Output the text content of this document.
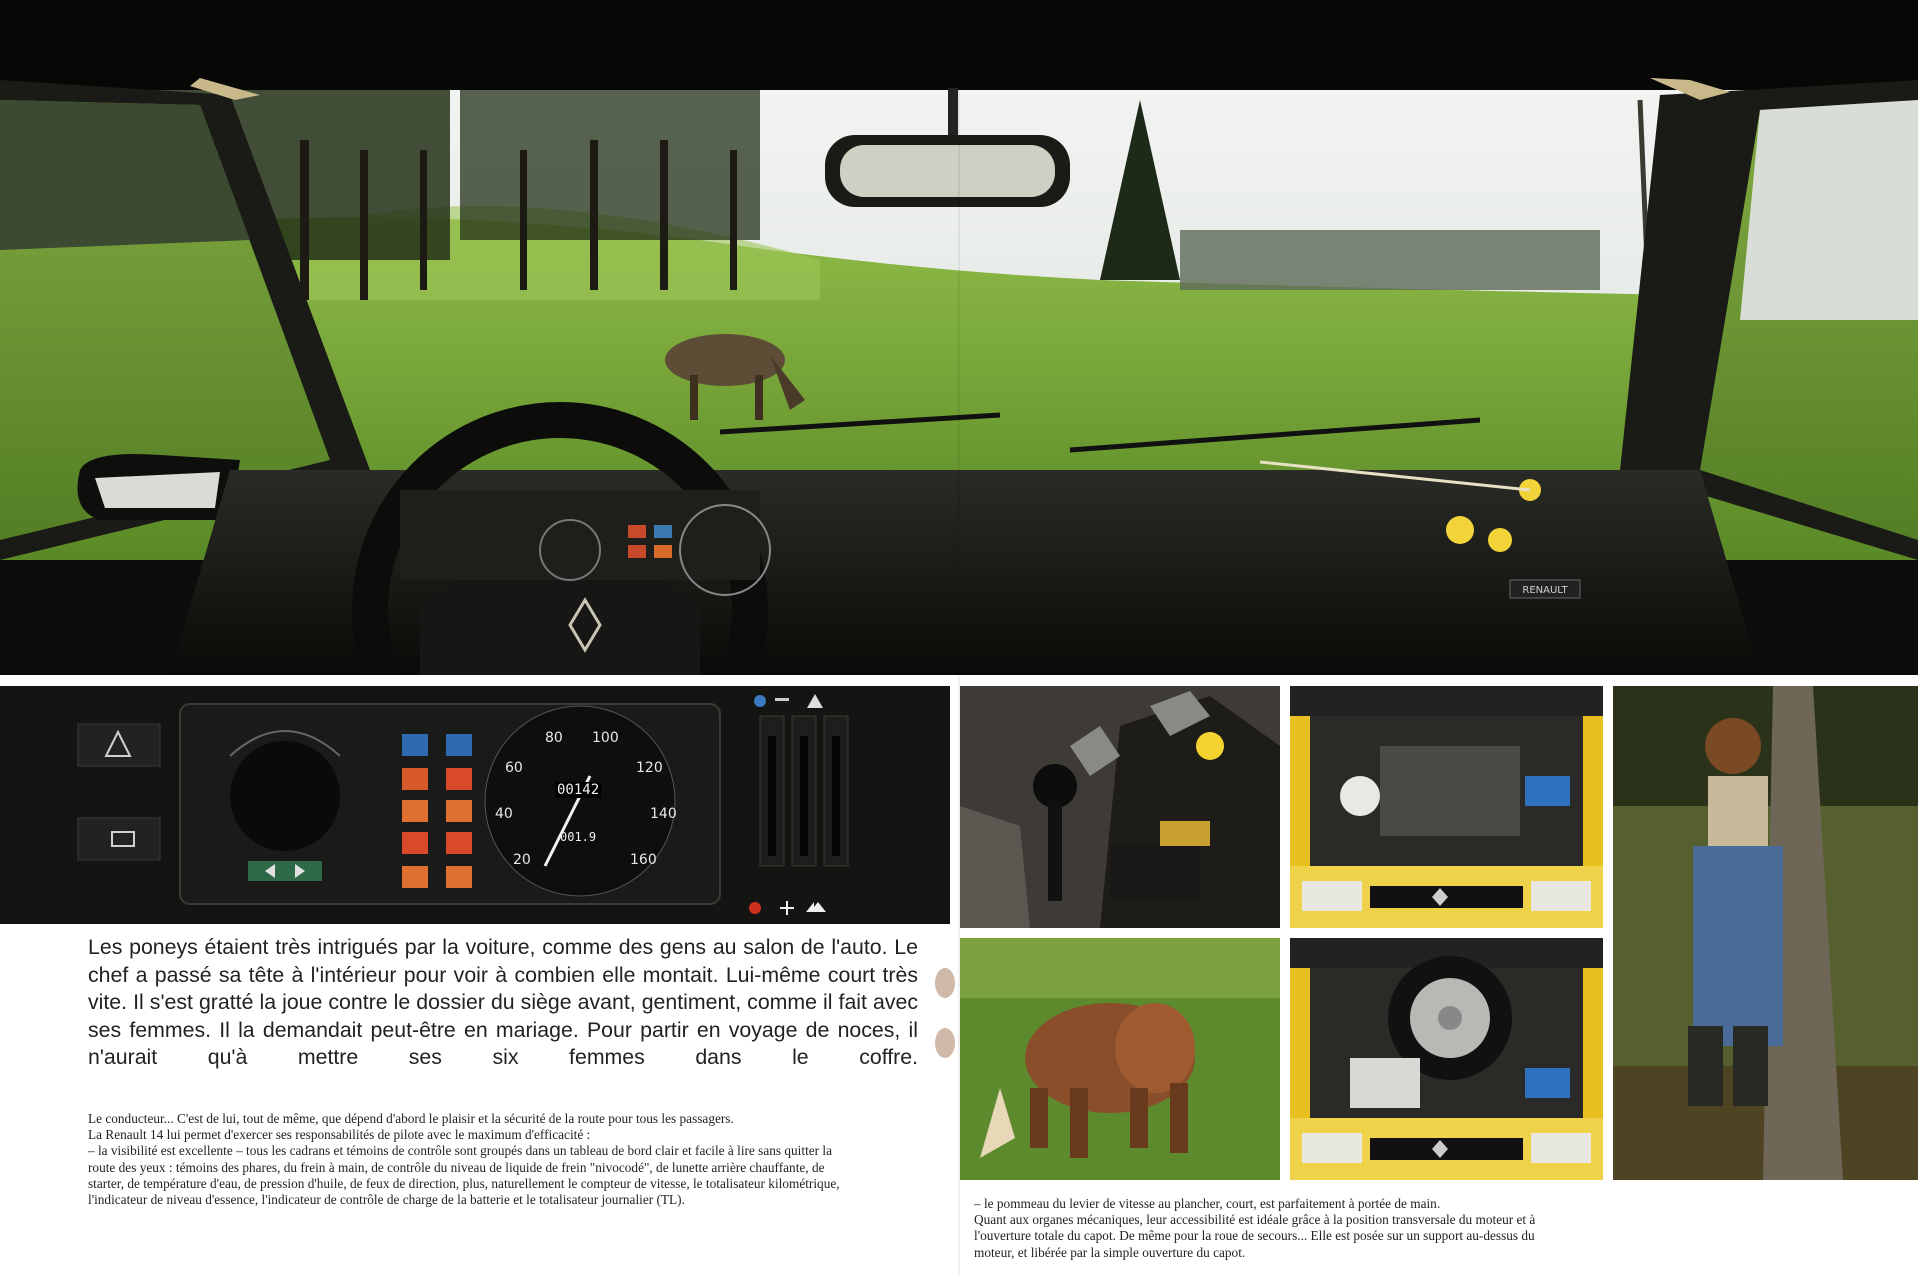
RENAULT
20
40
60
80 100
120
140
160
00142
001.9

Les poneys étaient très intrigués par la voiture, comme des gens au salon de l'auto. Le chef a passé sa tête à l'intérieur pour voir à combien elle montait. Lui-même court très vite. Il s'est gratté la joue contre le dossier du siège avant, gentiment, comme il fait avec ses femmes. Il la demandait peut-être en mariage. Pour partir en voyage de noces, il n'aurait qu'à mettre ses six femmes dans le coffre.

Le conducteur... C'est de lui, tout de même, que dépend d'abord le plaisir et la sécurité de la route pour tous les passagers.

La Renault 14 lui permet d'exercer ses responsabilités de pilote avec le maximum d'efficacité :

– la visibilité est excellente – tous les cadrans et témoins de contrôle sont groupés dans un tableau de bord clair et facile à lire sans quitter la route des yeux : témoins des phares, du frein à main, de contrôle du niveau de liquide de frein "nivocodé", de lunette arrière chauffante, de starter, de température d'eau, de pression d'huile, de feux de direction, plus, naturellement le compteur de vitesse, le totalisateur kilométrique, l'indicateur de niveau d'essence, l'indicateur de contrôle de charge de la batterie et le totalisateur journalier (TL).	– le pommeau du levier de vitesse au plancher, court, est parfaitement à portée de main.

Quant aux organes mécaniques, leur accessibilité est idéale grâce à la position transversale du moteur et à l'ouverture totale du capot. De même pour la roue de secours... Elle est posée sur un support au-dessus du moteur, et libérée par la simple ouverture du capot.
